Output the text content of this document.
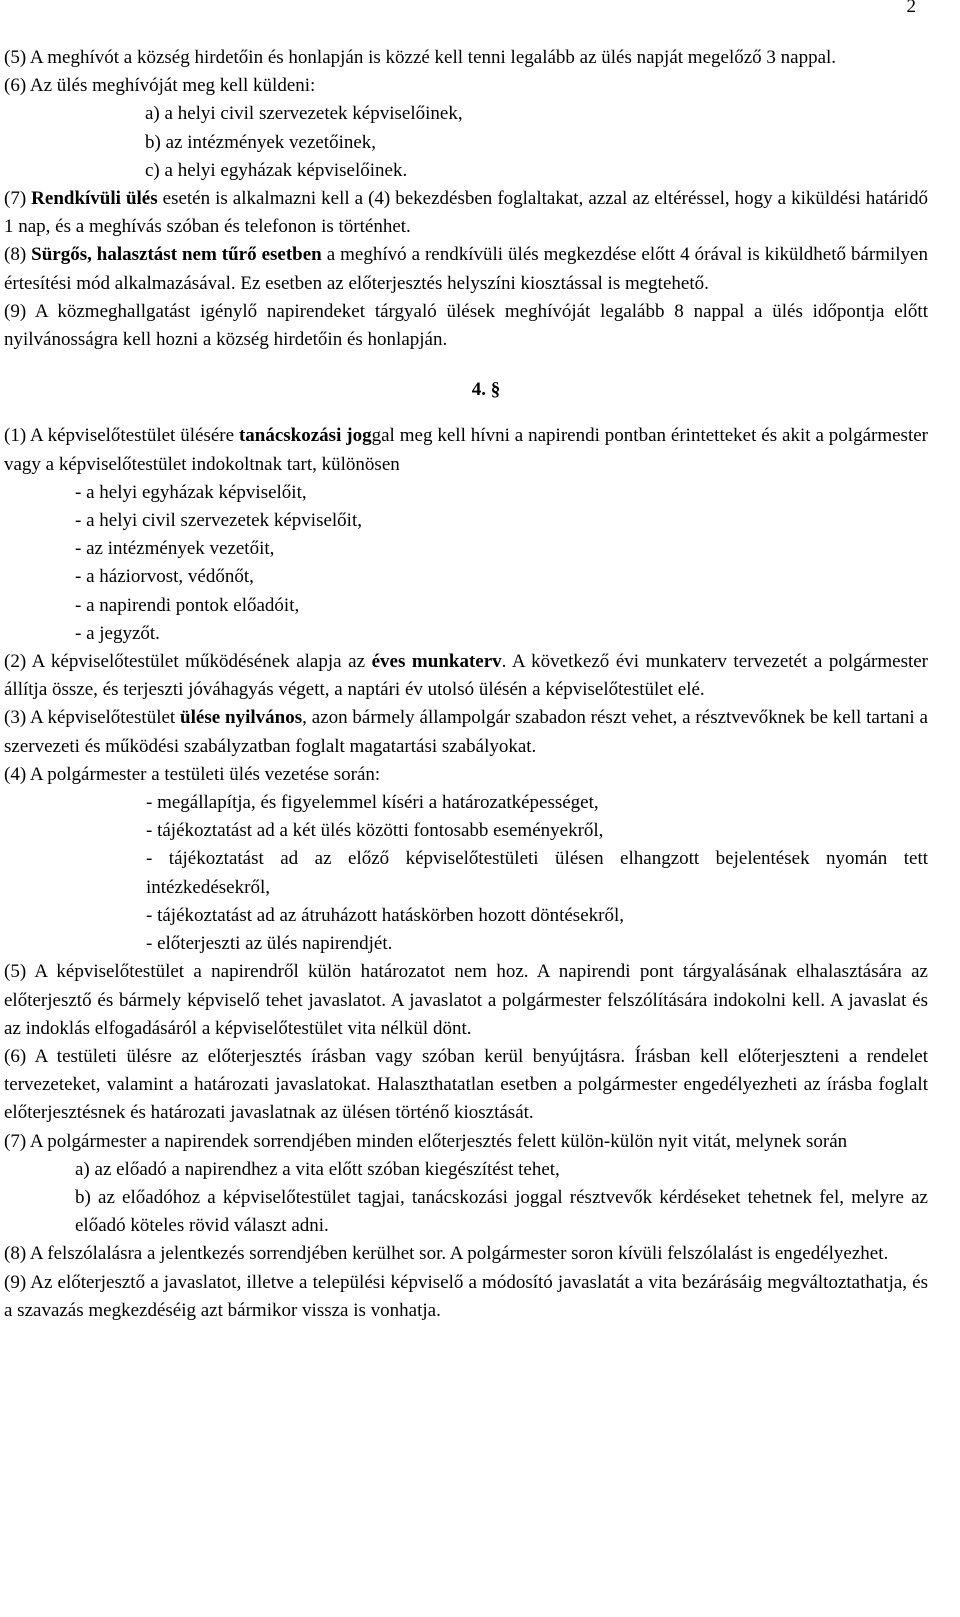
2

(5) A meghívót a község hirdetőin és honlapján is közzé kell tenni legalább az ülés napját megelőző 3 nappal.

(6) Az ülés meghívóját meg kell küldeni:

a) a helyi civil szervezetek képviselőinek,

b) az intézmények vezetőinek,

c) a helyi egyházak képviselőinek.

(7) Rendkívüli ülés esetén is alkalmazni kell a (4) bekezdésben foglaltakat, azzal az eltéréssel, hogy a kiküldési határidő 1 nap, és a meghívás szóban és telefonon is történhet.

(8) Sürgős, halasztást nem tűrő esetben a meghívó a rendkívüli ülés megkezdése előtt 4 órával is kiküldhető bármilyen értesítési mód alkalmazásával. Ez esetben az előterjesztés helyszíni kiosztással is megtehető.

(9) A közmeghallgatást igénylő napirendeket tárgyaló ülések meghívóját legalább 8 nappal a ülés időpontja előtt nyilvánosságra kell hozni a község hirdetőin és honlapján.

4. §

(1) A képviselőtestület ülésére tanácskozási joggal meg kell hívni a napirendi pontban érintetteket és akit a polgármester vagy a képviselőtestület indokoltnak tart, különösen

- a helyi egyházak képviselőit,

- a helyi civil szervezetek képviselőit,

- az intézmények vezetőit,

- a háziorvost, védőnőt,

- a napirendi pontok előadóit,

- a jegyzőt.

(2) A képviselőtestület működésének alapja az éves munkaterv. A következő évi munkaterv tervezetét a polgármester állítja össze, és terjeszti jóváhagyás végett, a naptári év utolsó ülésén a képviselőtestület elé.

(3) A képviselőtestület ülése nyilvános, azon bármely állampolgár szabadon részt vehet, a résztvevőknek be kell tartani a szervezeti és működési szabályzatban foglalt magatartási szabályokat.

(4) A polgármester a testületi ülés vezetése során:

- megállapítja, és figyelemmel kíséri a határozatképességet,

- tájékoztatást ad a két ülés közötti fontosabb eseményekről,

- tájékoztatást ad az előző képviselőtestületi ülésen elhangzott bejelentések nyomán tett intézkedésekről,

- tájékoztatást ad az átruházott hatáskörben hozott döntésekről,

- előterjeszti az ülés napirendjét.

(5) A képviselőtestület a napirendről külön határozatot nem hoz. A napirendi pont tárgyalásának elhalasztására az előterjesztő és bármely képviselő tehet javaslatot. A javaslatot a polgármester felszólítására indokolni kell. A javaslat és az indoklás elfogadásáról a képviselőtestület vita nélkül dönt.

(6) A testületi ülésre az előterjesztés írásban vagy szóban kerül benyújtásra. Írásban kell előterjeszteni a rendelet tervezeteket, valamint a határozati javaslatokat. Halaszthatatlan esetben a polgármester engedélyezheti az írásba foglalt előterjesztésnek és határozati javaslatnak az ülésen történő kiosztását.

(7) A polgármester a napirendek sorrendjében minden előterjesztés felett külön-külön nyit vitát, melynek során

a) az előadó a napirendhez a vita előtt szóban kiegészítést tehet,

b) az előadóhoz a képviselőtestület tagjai, tanácskozási joggal résztvevők kérdéseket tehetnek fel, melyre az előadó köteles rövid választ adni.

(8) A felszólalásra a jelentkezés sorrendjében kerülhet sor. A polgármester soron kívüli felszólalást is engedélyezhet.

(9) Az előterjesztő a javaslatot, illetve a települési képviselő a módosító javaslatát a vita bezárásáig megváltoztathatja, és a szavazás megkezdéséig azt bármikor vissza is vonhatja.
